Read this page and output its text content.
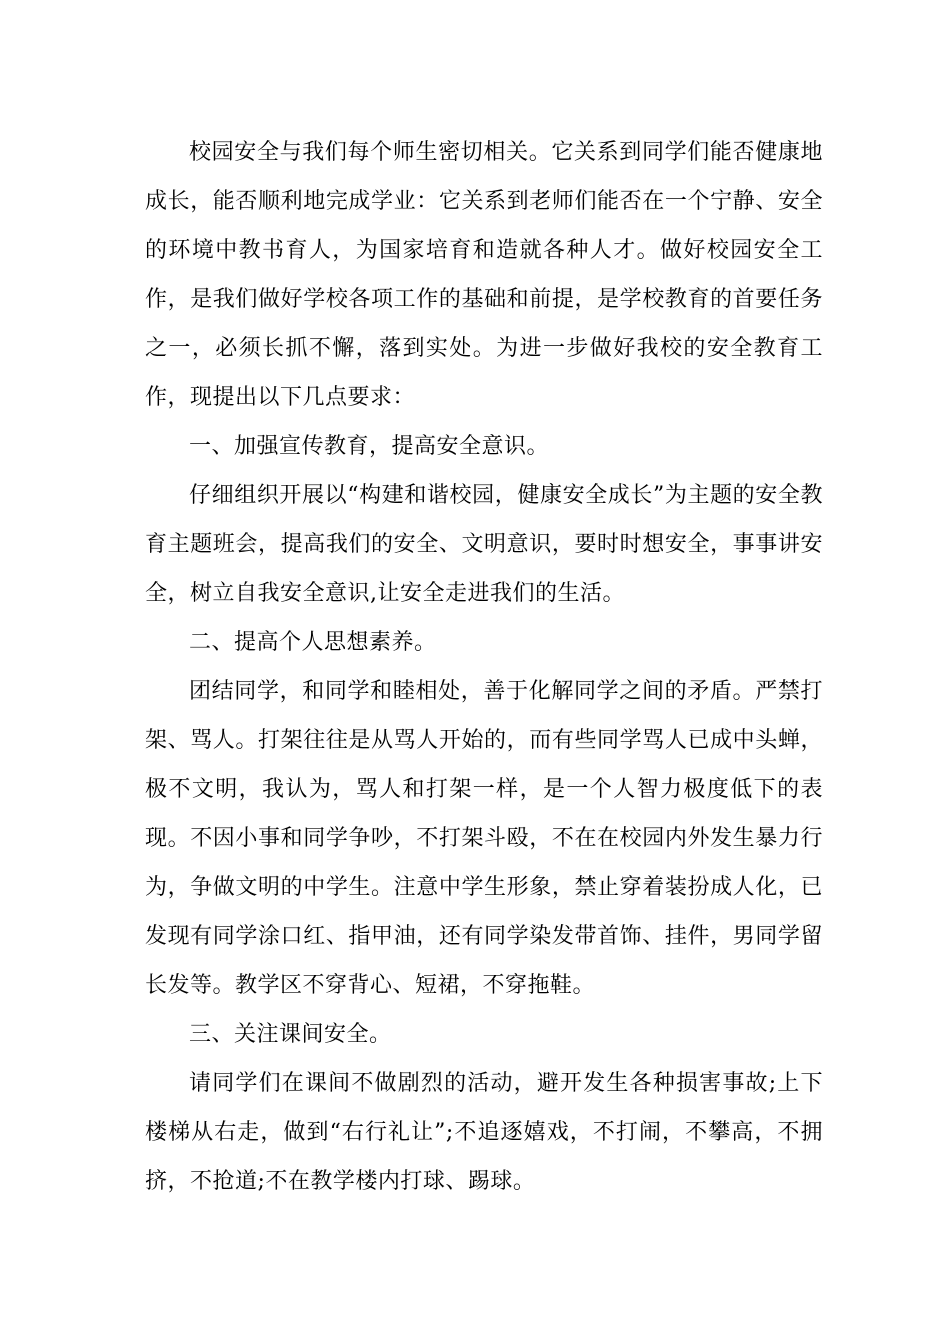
校园安全与我们每个师生密切相关。它关系到同学们能否健康地成长，能否顺利地完成学业：它关系到老师们能否在一个宁静、安全的环境中教书育人，为国家培育和造就各种人才。做好校园安全工作，是我们做好学校各项工作的基础和前提，是学校教育的首要任务之一，必须长抓不懈，落到实处。为进一步做好我校的安全教育工作，现提出以下几点要求：

一、加强宣传教育，提高安全意识。

仔细组织开展以“构建和谐校园，健康安全成长”为主题的安全教育主题班会，提高我们的安全、文明意识，要时时想安全，事事讲安全，树立自我安全意识,让安全走进我们的生活。

二、提高个人思想素养。

团结同学，和同学和睦相处，善于化解同学之间的矛盾。严禁打架、骂人。打架往往是从骂人开始的，而有些同学骂人已成中头蝉，极不文明，我认为，骂人和打架一样，是一个人智力极度低下的表现。不因小事和同学争吵，不打架斗殴，不在在校园内外发生暴力行为，争做文明的中学生。注意中学生形象，禁止穿着装扮成人化，已发现有同学涂口红、指甲油，还有同学染发带首饰、挂件，男同学留长发等。教学区不穿背心、短裙，不穿拖鞋。

三、关注课间安全。

请同学们在课间不做剧烈的活动，避开发生各种损害事故;上下楼梯从右走，做到“右行礼让”;不追逐嬉戏，不打闹，不攀高，不拥挤，不抢道;不在教学楼内打球、踢球。
